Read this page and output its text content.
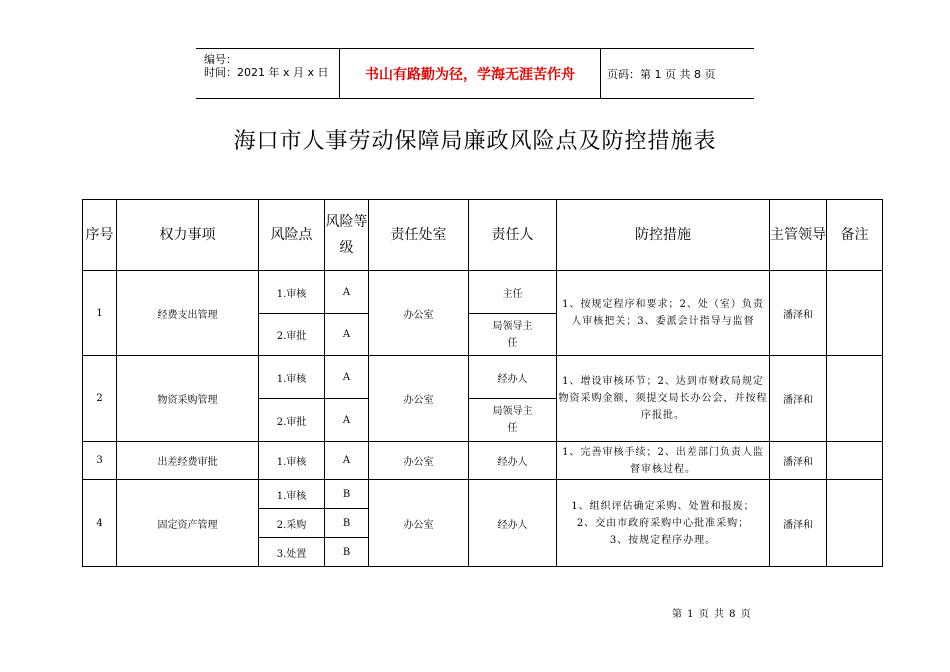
编号：
时间：2021 年 x 月 x 日	书山有路勤为径，学海无涯苦作舟	页码：第 1 页 共 8 页
海口市人事劳动保障局廉政风险点及防控措施表
序号	权力事项	风险点	风险等级	责任处室	责任人	防控措施	主管领导	备注
1	经费支出管理	1.审核	A	办公室	主任	1、按规定程序和要求；2、处（室）负责人审核把关；3、委派会计指导与监督	潘泽和	
		2.审批	A		局领导主任			
2	物资采购管理	1.审核	A	办公室	经办人	1、增设审核环节；2、达到市财政局规定物资采购金额，须提交局长办公会，并按程序报批。	潘泽和	
		2.审批	A		局领导主任			
3	出差经费审批	1.审核	A	办公室	经办人	1、完善审核手续；2、出差部门负责人监督审核过程。	潘泽和	
4	固定资产管理	1.审核	B	办公室	经办人	1、组织评估确定采购、处置和报废；
2、交由市政府采购中心批准采购；
3、按规定程序办理。	潘泽和	
		2.采购	B					
		3.处置	B					
第 1 页 共 8 页
